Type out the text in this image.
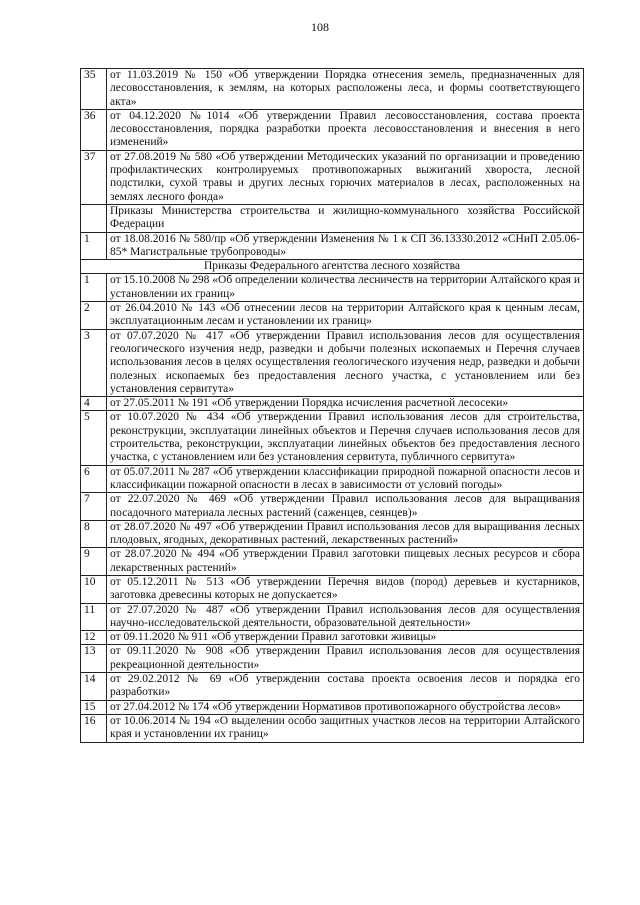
108
35	от 11.03.2019 № 150 «Об утверждении Порядка отнесения земель, предназначенных для лесовосстановления, к землям, на которых расположены леса, и формы соответствующего акта»
36	от 04.12.2020 №1014 «Об утверждении Правил лесовосстановления, состава проекта лесовосстановления, порядка разработки проекта лесовосстановления и внесения в него изменений»
37	от 27.08.2019 № 580 «Об утверждении Методических указаний по организации и проведению профилактических контролируемых противопожарных выжиганий хвороста, лесной подстилки, сухой травы и других лесных горючих материалов в лесах, расположенных на землях лесного фонда»
	Приказы Министерства строительства и жилищно-коммунального хозяйства Российской Федерации
1	от 18.08.2016 № 580/пр «Об утверждении Изменения № 1 к СП 36.13330.2012 «СНиП 2.05.06-85* Магистральные трубопроводы»
Приказы Федерального агентства лесного хозяйства	
1	от 15.10.2008 № 298 «Об определении количества лесничеств на территории Алтайского края и установлении их границ»
2	от 26.04.2010 № 143 «Об отнесении лесов на территории Алтайского края к ценным лесам, эксплуатационным лесам и установлении их границ»
3	от 07.07.2020 № 417 «Об утверждении Правил использования лесов для осуществления геологического изучения недр, разведки и добычи полезных ископаемых и Перечня случаев использования лесов в целях осуществления геологического изучения недр, разведки и добычи полезных ископаемых без предоставления лесного участка, с установлением или без установления сервитута»
4	от 27.05.2011 № 191 «Об утверждении Порядка исчисления расчетной лесосеки»
5	от 10.07.2020 № 434 «Об утверждении Правил использования лесов для строительства, реконструкции, эксплуатации линейных объектов и Перечня случаев использования лесов для строительства, реконструкции, эксплуатации линейных объектов без предоставления лесного участка, с установлением или без установления сервитута, публичного сервитута»
6	от 05.07.2011 № 287 «Об утверждении классификации природной пожарной опасности лесов и классификации пожарной опасности в лесах в зависимости от условий погоды»
7	от 22.07.2020 № 469 «Об утверждении Правил использования лесов для выращивания посадочного материала лесных растений (саженцев, сеянцев)»
8	от 28.07.2020 № 497 «Об утверждении Правил использования лесов для выращивания лесных плодовых, ягодных, декоративных растений, лекарственных растений»
9	от 28.07.2020 № 494 «Об утверждении Правил заготовки пищевых лесных ресурсов и сбора лекарственных растений»
10	от 05.12.2011 № 513 «Об утверждении Перечня видов (пород) деревьев и кустарников, заготовка древесины которых не допускается»
11	от 27.07.2020 № 487 «Об утверждении Правил использования лесов для осуществления научно-исследовательской деятельности, образовательной деятельности»
12	от 09.11.2020 № 911 «Об утверждении Правил заготовки живицы»
13	от 09.11.2020 № 908 «Об утверждении Правил использования лесов для осуществления рекреационной деятельности»
14	от 29.02.2012 № 69 «Об утверждении состава проекта освоения лесов и порядка его разработки»
15	от 27.04.2012 № 174 «Об утверждении Нормативов противопожарного обустройства лесов»
16	от 10.06.2014 № 194 «О выделении особо защитных участков лесов на территории Алтайского края и установлении их границ»
